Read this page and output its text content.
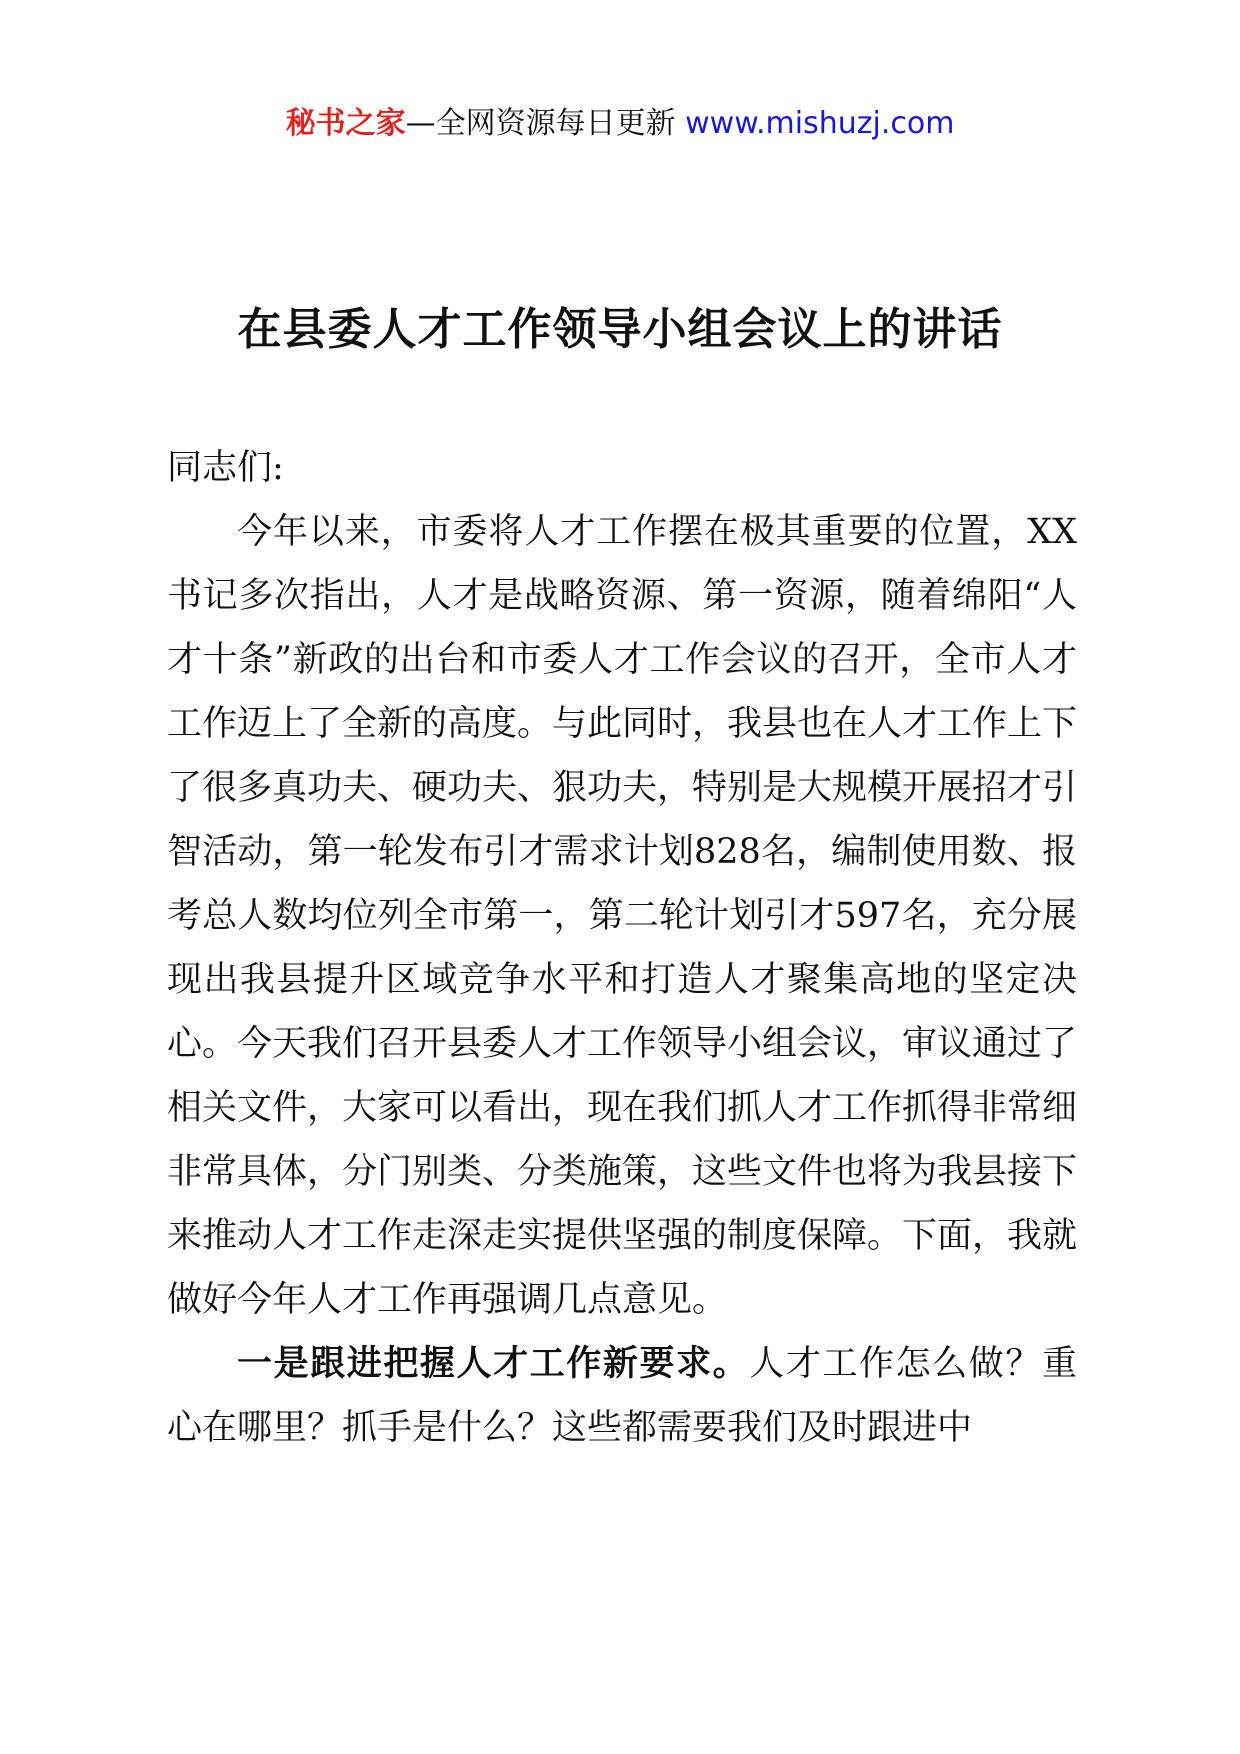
秘书之家—全网资源每日更新 www.mishuzj.com
在县委人才工作领导小组会议上的讲话
同志们:

今年以来，市委将人才工作摆在极其重要的位置，XX书记多次指出，人才是战略资源、第一资源，随着绵阳“人才十条”新政的出台和市委人才工作会议的召开，全市人才工作迈上了全新的高度。与此同时，我县也在人才工作上下了很多真功夫、硬功夫、狠功夫，特别是大规模开展招才引智活动，第一轮发布引才需求计划828名，编制使用数、报考总人数均位列全市第一，第二轮计划引才597名，充分展现出我县提升区域竞争水平和打造人才聚集高地的坚定决心。今天我们召开县委人才工作领导小组会议，审议通过了相关文件，大家可以看出，现在我们抓人才工作抓得非常细非常具体，分门别类、分类施策，这些文件也将为我县接下来推动人才工作走深走实提供坚强的制度保障。下面，我就做好今年人才工作再强调几点意见。

一是跟进把握人才工作新要求。人才工作怎么做？重心在哪里？抓手是什么？这些都需要我们及时跟进中
